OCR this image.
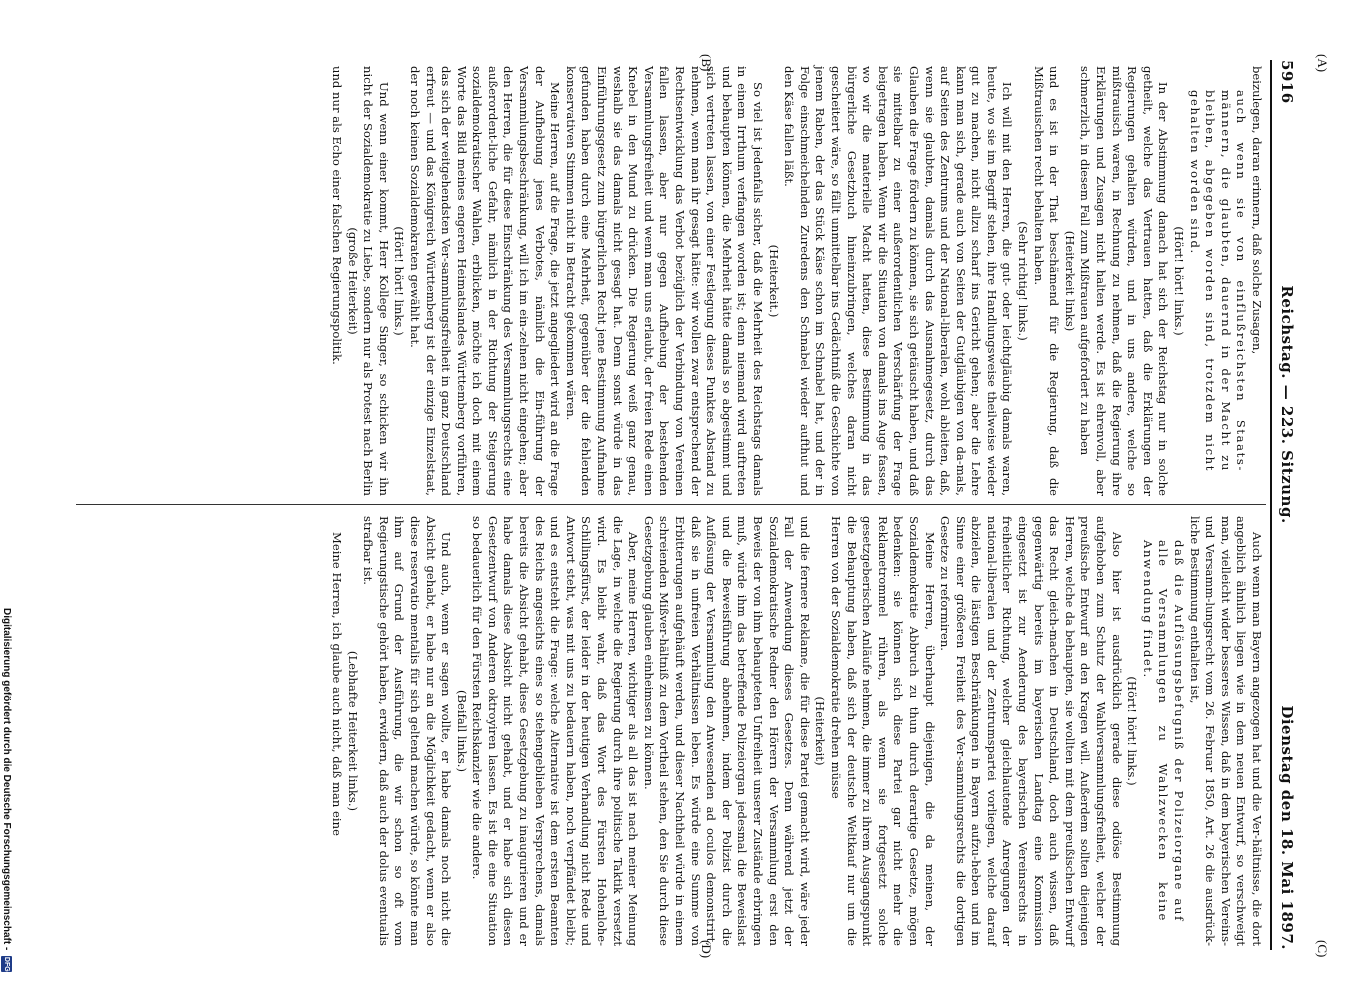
Digitalisierung gefördert durch die Deutsche Forschungsgemeinschaft -
DFG
5916
Reichstag. — 223. Sitzung.
Dienstag den 18. Mai 1897.
(A)
(B)
(C)
(D)

beizulegen, daran erinnern, daß solche Zusagen,

auch wenn sie von einflußreichsten Staats-männern, die glaubten, dauernd in der Macht zu bleiben, abgegeben worden sind, trotzdem nicht gehalten worden sind.

(Hört! hört! links.)

In der Abstimmung danach hat sich der Reichstag nur in solche getheilt, welche das Vertrauen hatten, daß die Erklärungen der Regierungen gehalten würden, und in uns andere, welche so mißtrauisch waren, in Rechnung zu nehmen, daß die Regierung ihre Erklärungen und Zusagen nicht halten werde. Es ist ehrenvoll, aber schmerzlich, in diesem Fall zum Mißtrauen aufgefordert zu haben

(Heiterkeit links)

und es ist in der That beschämend für die Regierung, daß die Mißtrauischen recht behalten haben.

(Sehr richtig! links.)

Ich will mit den Herren, die gut- oder leichtgläubig damals waren, heute, wo sie im Begriff stehen, ihre Handlungsweise theilweise wieder gut zu machen, nicht allzu scharf ins Gericht gehen; aber die Lehre kann man sich, gerade auch von Seiten der Gutgläubigen von da-mals, auf Seiten des Zentrums und der National-liberalen, wohl ableiten, daß, wenn sie glaubten, damals durch das Ausnahmegesetz, durch das Glauben die Frage fördern zu können, sie sich getäuscht haben, und daß sie mittelbar zu einer außerordentlichen Verschärfung der Frage beigetragen haben. Wenn wir die Situation von damals ins Auge fassen, wo wir die materielle Macht hatten, diese Bestimmung in das bürgerliche Gesetzbuch hineinzubringen, welches daran nicht gescheitert wäre, so fällt unmittelbar ins Gedächtniß die Geschichte von jenem Raben, der das Stück Käse schon im Schnabel hat, und der in Folge einschmeichelnden Zuredens den Schnabel wieder aufthut und den Käse fallen läßt.

(Heiterkeit.)

So viel ist jedenfalls sicher, daß die Mehrheit des Reichstags damals in einem Irrthum verfangen worden ist; denn niemand wird auftreten und behaupten können, die Mehrheit hätte damals so abgestimmt und sich vertreten lassen, von einer Festlegung dieses Punktes Abstand zu nehmen, wenn man ihr gesagt hätte: wir wollen zwar entsprechend der Rechtsentwicklung das Verbot bezüglich der Verbindung von Vereinen fallen lassen, aber nur gegen Aufhebung der bestehenden Versammlungsfreiheit und wenn man uns erlaubt, der freien Rede einen Knebel in den Mund zu drücken. Die Regierung weiß ganz genau, weshalb sie das damals nicht gesagt hat. Denn sonst würde in das Einführungsgesetz zum bürgerlichen Recht jene Bestimmung Aufnahme gefunden haben durch eine Mehrheit, gegenüber der die fehlenden konservativen Stimmen nicht in Betracht gekommen wären.

Meine Herren, auf die Frage, die jetzt angegliedert wird an die Frage der Aufhebung jenes Verbotes, nämlich die Ein-führung der Versammlungsbeschränkung, will ich im ein-zelnen nicht eingehen; aber den Herren, die für diese Einschränkung des Versammlungsrechts eine außerordent-liche Gefahr, nämlich in der Richtung der Steigerung sozialdemokratischer Wahlen, erblicken, möchte ich doch mit einem Worte das Bild meines engeren Heimatslandes Württemberg vorführen, das sich der weitgehendsten Ver-sammlungsfreiheit in ganz Deutschland erfreut — und das Königreich Württemberg ist der einzige Einzelstaat, der noch keinen Sozialdemokraten gewählt hat.

(Hört! hört! links.)

Und wenn einer kommt, Herr Kollege Singer, so schicken wir ihn nicht der Sozialdemokratie zu Liebe, sondern nur als Protest nach Berlin

(große Heiterkeit)

und nur als Echo einer falschen Regierungspolitik.

Auch wenn man Bayern angezogen hat und die Ver-hältnisse, die dort angeblich ähnlich liegen wie in dem neuen Entwurf, so verschweigt man, vielleicht wider besseres Wissen, daß in dem bayerischen Vereins- und Versamm-lungsrecht vom 26. Februar 1850, Art. 26 die ausdrück-liche Bestimmung enthalten ist,

daß die Auflösungsbefugniß der Polizeiorgane auf alle Versammlungen zu Wahlzwecken keine Anwendung findet.

(Hört! hört! links.)

Also hier ist ausdrücklich gerade diese odiöse Bestimmung aufgehoben zum Schutz der Wahlversammlungsfreiheit, welcher der preußische Entwurf an den Kragen will. Außerdem sollten diejenigen Herren, welche da behaupten, sie wollten mit dem preußischen Entwurf das Recht gleich-machen in Deutschland, doch auch wissen, daß gegenwärtig bereits im bayerischen Landtag eine Kommission eingesetzt ist zur Aenderung des bayerischen Vereinsrechts in freiheitlicher Richtung, welcher gleichlautende Anregungen der national-liberalen und der Zentrumspartei vorliegen, welche darauf abzielen, die lästigen Beschränkungen in Bayern aufzu-heben und im Sinne einer größeren Freiheit des Ver-sammlungsrechts die dortigen Gesetze zu reformiren.

Meine Herren, überhaupt diejenigen, die da meinen, der Sozialdemokratie Abbruch zu thun durch derartige Gesetze, mögen bedenken: sie können sich diese Partei gar nicht mehr die Reklametrommel rühren, als wenn sie fortgesetzt solche gesetzgeberischen Anläufe nehmen, die immer zu ihrem Ausgangspunkt die Behauptung haben, daß sich der deutsche Weltkauf nur um die Herren von der Sozialdemokratie drehen müsse

(Heiterkeit)

und die fernere Reklame, die für diese Partei gemacht wird, wäre jeder Fall der Anwendung dieses Gesetzes. Denn während jetzt der Sozialdemokratische Redner den Hörern der Versammlung erst den Beweis der von ihm behaupteten Unfreiheit unserer Zustände erbringen muß, würde ihm das betreffende Polizeiorgan jedesmal die Beweislast und die Beweisführung abnehmen, indem der Polizist durch die Auflösung der Versammlung den Anwesenden ad oculos demonstrirt, daß sie in unfreien Verhältnissen leben. Es würde eine Summe von Erbitterungen aufgehäuft werden, und dieser Nachtheil würde in einem schreienden Mißver-hältniß zu dem Vortheil stehen, den Sie durch diese Gesetzgebung glauben einheimsen zu können.

Aber, meine Herren, wichtiger als all das ist nach meiner Meinung die Lage, in welche die Regierung durch ihre politische Taktik versetzt wird. Es bleibt wahr, daß das Wort des Fürsten Hohenlohe-Schillingsfürst, der leider in der heutigen Verhandlung nicht Rede und Antwort steht, was mit uns zu bedauern haben, noch verpfändet bleibt; und es entsteht die Frage: welche Alternative ist dem ersten Beamten des Reichs angesichts eines so stehengeblieben Versprechens, damals bereits die Absicht gehabt, diese Gesetzgebung zu inaugurieren und er habe damals diese Absicht nicht gehabt, und er habe sich diesen Gesetzentwurf von Anderen oktroyiren lassen. Es ist die eine Situation so bedauerlich für den Fürsten Reichskanzler wie die andere.

(Beifall links.)

Und auch, wenn er sagen wollte, er habe damals noch nicht die Absicht gehabt, er habe nur an die Möglichkeit gedacht, wenn er also diese reservatio mentalis für sich geltend machen würde, so könnte man ihm auf Grund der Ausführung, die wir schon so oft vom Regierungstische gehört haben, erwidern, daß auch der dolus eventualis strafbar ist.

(Lebhafte Heiterkeit links.)

Meine Herren, ich glaube auch nicht, daß man eine
